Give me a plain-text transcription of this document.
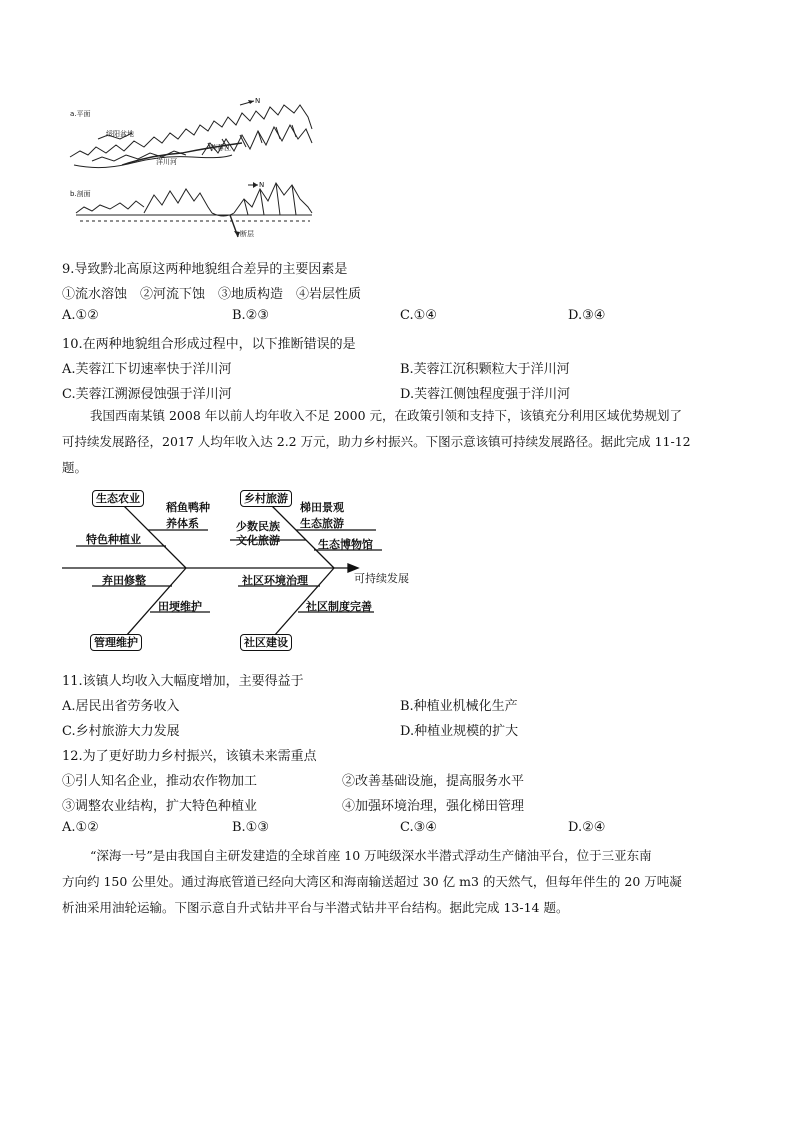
a.平面
绥阳盆地
洋川河
芙蓉江
N
b.剖面
N
断层
9.导致黔北高原这两种地貌组合差异的主要因素是
①流水溶蚀　②河流下蚀　③地质构造　④岩层性质
A.①②	B.②③	C.①④	D.③④
10.在两种地貌组合形成过程中，以下推断错误的是
A.芙蓉江下切速率快于洋川河	B.芙蓉江沉积颗粒大于洋川河
C.芙蓉江溯源侵蚀强于洋川河	D.芙蓉江侧蚀程度强于洋川河
我国西南某镇 2008 年以前人均年收入不足 2000 元，在政策引领和支持下，该镇充分利用区域优势规划了
可持续发展路径，2017 人均年收入达 2.2 万元，助力乡村振兴。下图示意该镇可持续发展路径。据此完成 11-12
题。
生态农业	乡村旅游
管理维护	社区建设
稻鱼鸭种
养体系
特色种植业
梯田景观
生态旅游
少数民族
文化旅游	生态博物馆
可持续发展
弃田修整
田埂维护
社区环境治理
社区制度完善
11.该镇人均收入大幅度增加，主要得益于
A.居民出省劳务收入	B.种植业机械化生产
C.乡村旅游大力发展	D.种植业规模的扩大
12.为了更好助力乡村振兴，该镇未来需重点
①引人知名企业，推动农作物加工	②改善基础设施，提高服务水平
③调整农业结构，扩大特色种植业	④加强环境治理，强化梯田管理
A.①②	B.①③	C.③④	D.②④
“深海一号”是由我国自主研发建造的全球首座 10 万吨级深水半潜式浮动生产储油平台，位于三亚东南
方向约 150 公里处。通过海底管道已经向大湾区和海南输送超过 30 亿 m3 的天然气，但每年伴生的 20 万吨凝
析油采用油轮运输。下图示意自升式钻井平台与半潜式钻井平台结构。据此完成 13-14 题。
